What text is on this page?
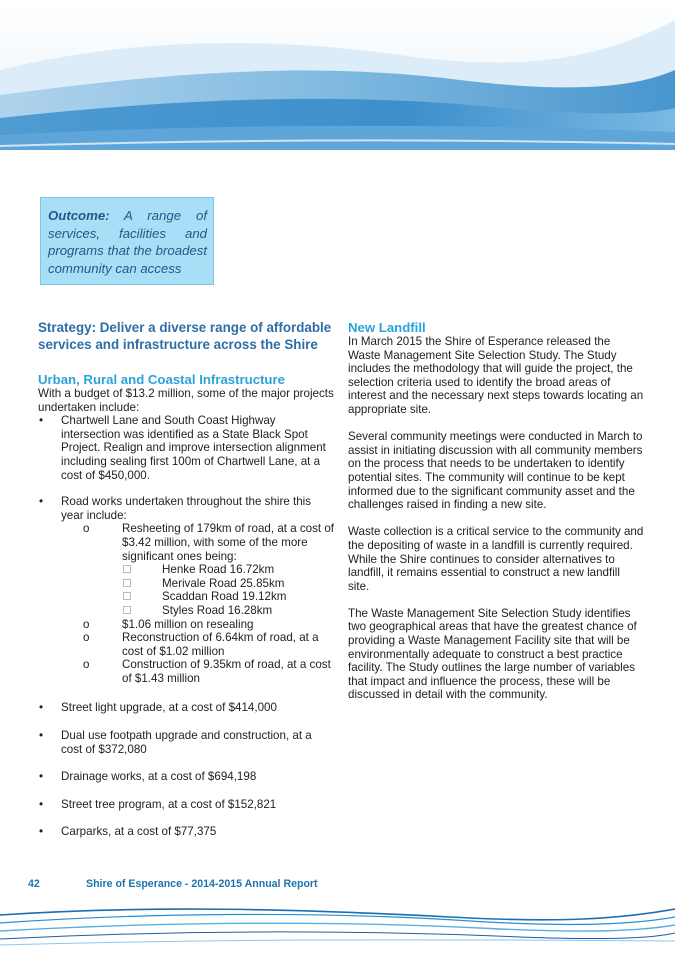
Outcome: A range of services, facilities and programs that the broadest community can access
Strategy: Deliver a diverse range of affordable services and infrastructure across the Shire
Urban, Rural and Coastal Infrastructure

With a budget of $13.2 million, some of the major projects undertaken include:

• Chartwell Lane and South Coast Highway intersection was identified as a State Black Spot Project. Realign and improve intersection alignment including sealing first 100m of Chartwell Lane, at a cost of $450,000.
• Road works undertaken throughout the shire this year include:
o	Resheeting of 179km of road, at a cost of $3.42 million, with some of the more significant ones being:
Henke Road 16.72km
Merivale Road 25.85km
Scaddan Road 19.12km
Styles Road 16.28km
o	$1.06 million on resealing
o	Reconstruction of 6.64km of road, at a cost of $1.02 million
o	Construction of 9.35km of road, at a cost of $1.43 million
• Street light upgrade, at a cost of $414,000
• Dual use footpath upgrade and construction, at a cost of $372,080
• Drainage works, at a cost of $694,198
• Street tree program, at a cost of $152,821
• Carparks, at a cost of $77,375
New Landfill

In March 2015 the Shire of Esperance released the Waste Management Site Selection Study. The Study includes the methodology that will guide the project, the selection criteria used to identify the broad areas of interest and the necessary next steps towards locating an appropriate site.

Several community meetings were conducted in March to assist in initiating discussion with all community members on the process that needs to be undertaken to identify potential sites. The community will continue to be kept informed due to the significant community asset and the challenges raised in finding a new site.

Waste collection is a critical service to the community and the depositing of waste in a landfill is currently required. While the Shire continues to consider alternatives to landfill, it remains essential to construct a new landfill site.

The Waste Management Site Selection Study identifies two geographical areas that have the greatest chance of providing a Waste Management Facility site that will be environmentally adequate to construct a best practice facility. The Study outlines the large number of variables that impact and influence the process, these will be discussed in detail with the community.

42	Shire of Esperance - 2014-2015 Annual Report
